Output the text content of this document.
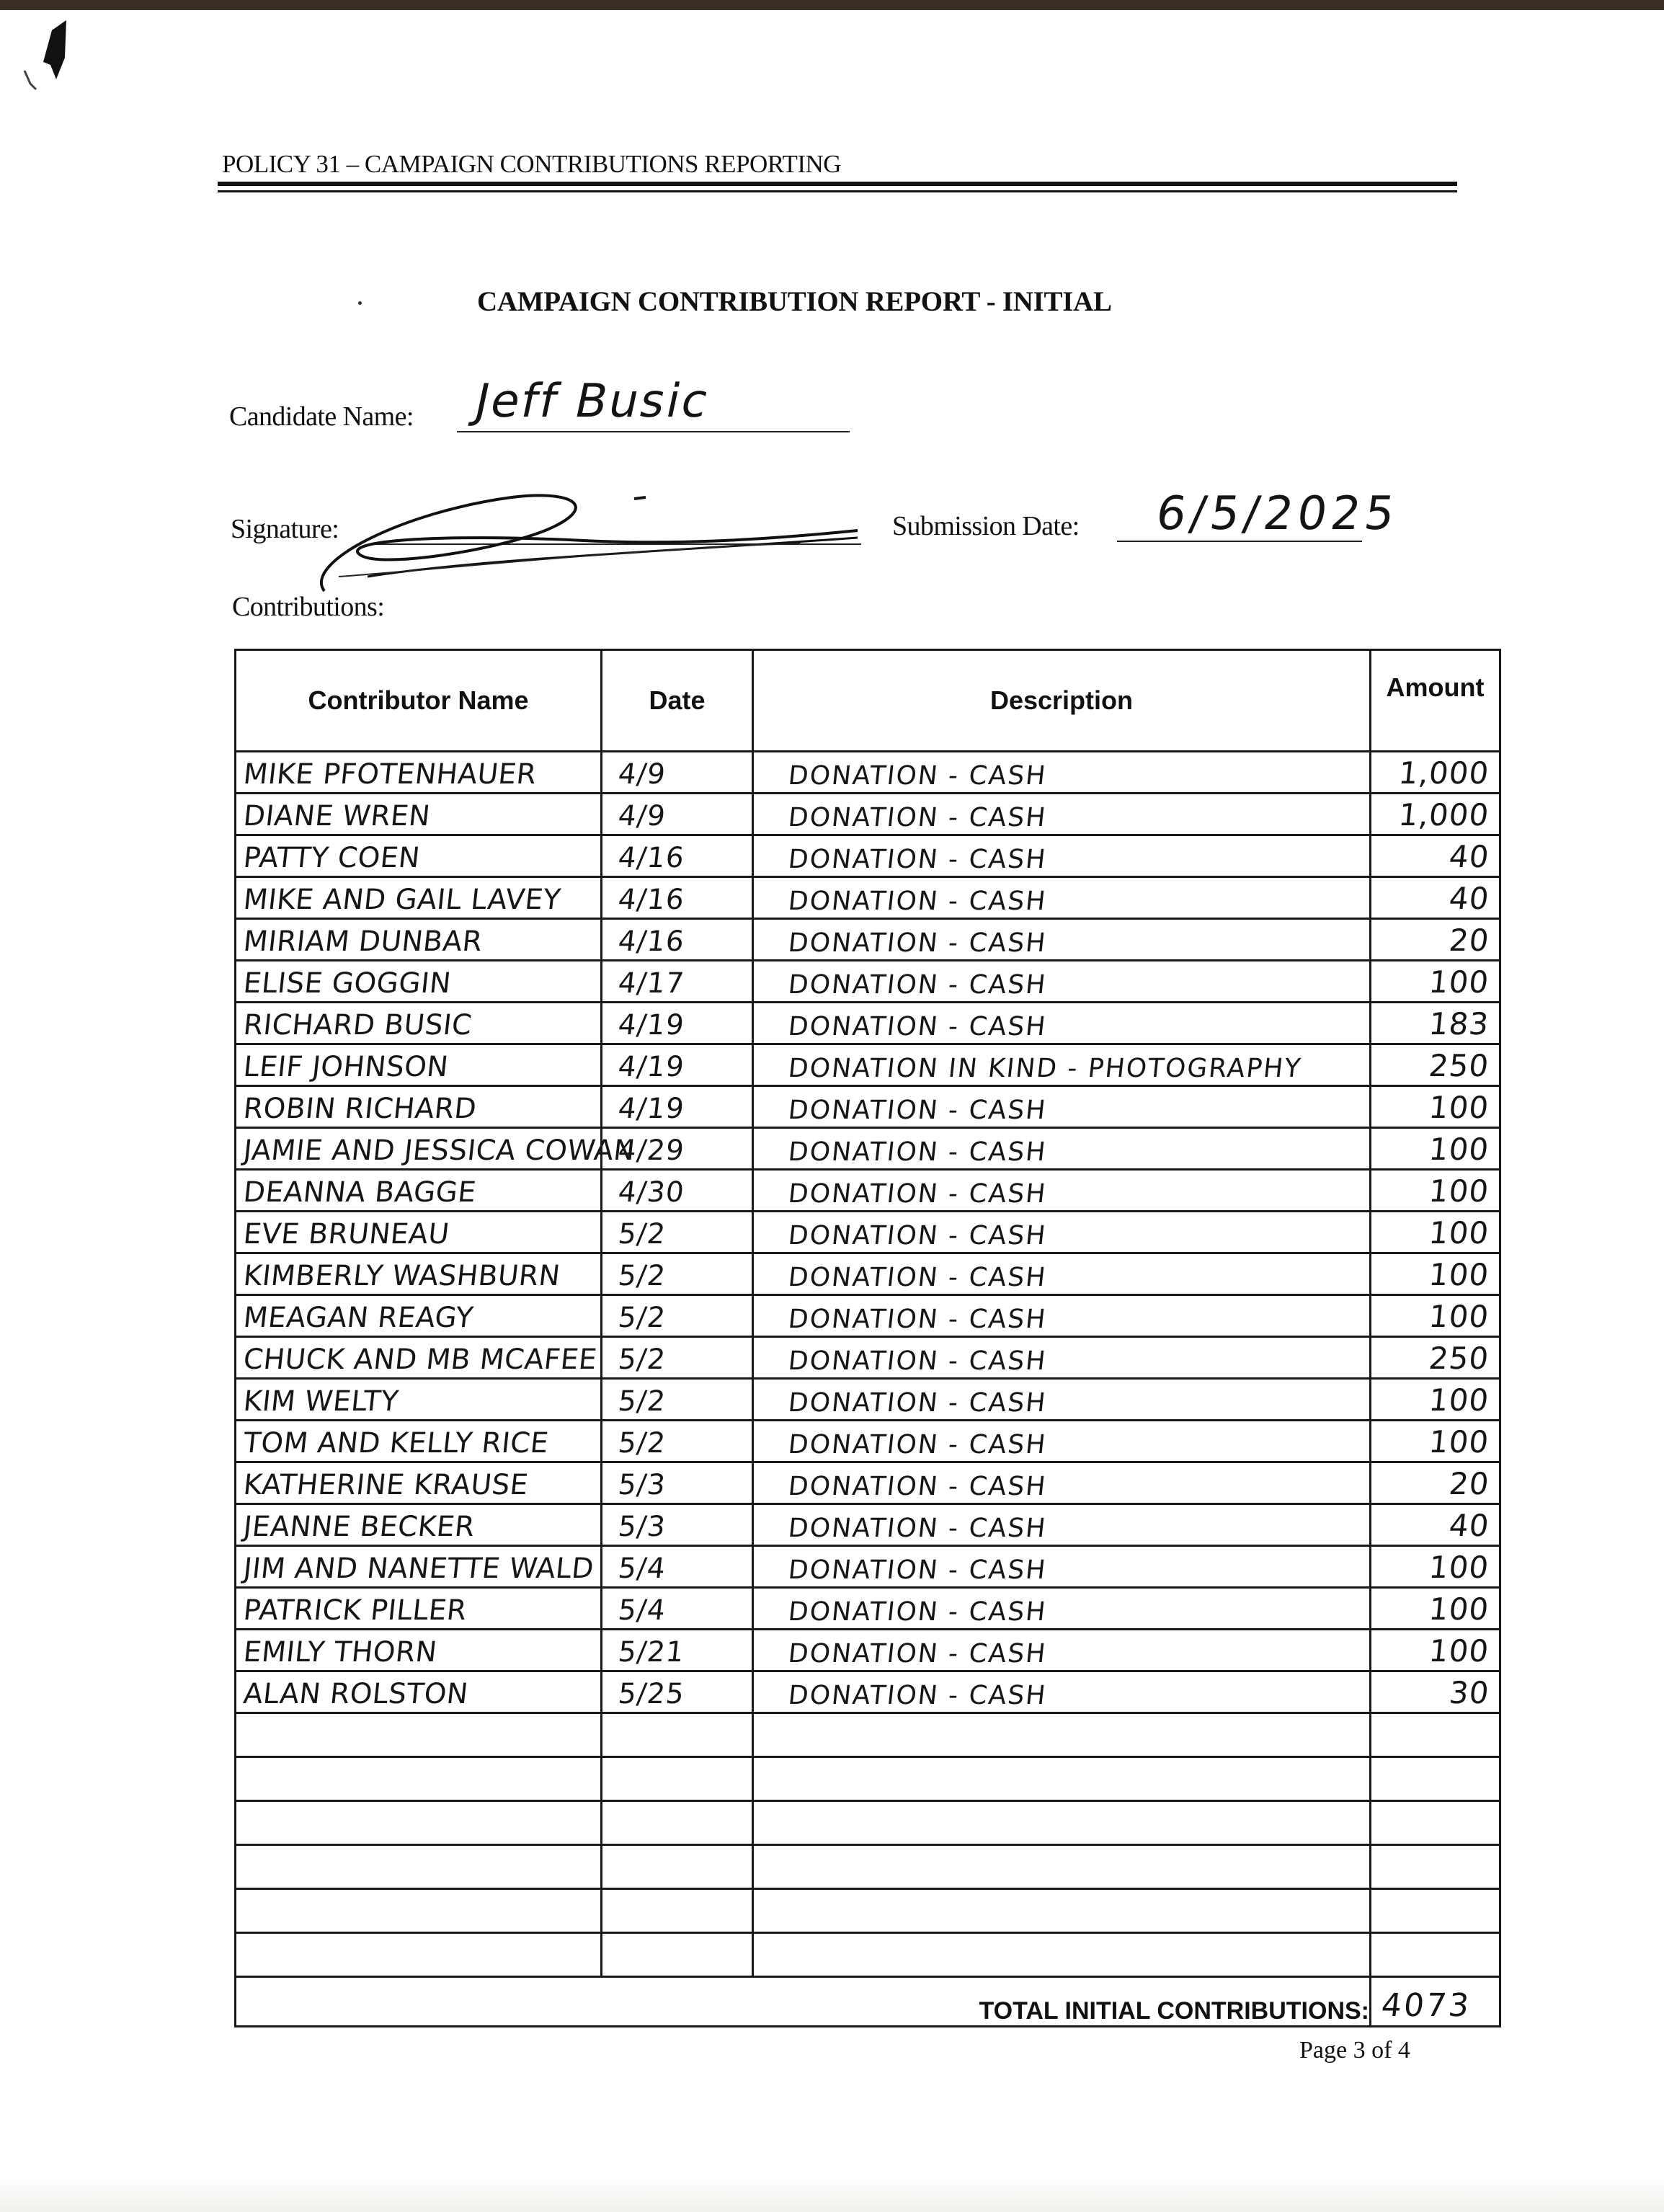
POLICY 31 – CAMPAIGN CONTRIBUTIONS REPORTING
CAMPAIGN CONTRIBUTION REPORT - INITIAL
Candidate Name: Jeff Busic
Signature:	Submission Date: 6/5/2025
Contributions:
Contributor Name	Date	Description	Amount

MIKE PFOTENHAUER	4/9	DONATION - CASH	1,000

DIANE WREN	4/9	DONATION - CASH	1,000

PATTY COEN	4/16	DONATION - CASH	40

MIKE AND GAIL LAVEY	4/16	DONATION - CASH	40

MIRIAM DUNBAR	4/16	DONATION - CASH	20

ELISE GOGGIN	4/17	DONATION - CASH	100

RICHARD BUSIC	4/19	DONATION - CASH	183

LEIF JOHNSON	4/19	DONATION IN KIND - PHOTOGRAPHY	250

ROBIN RICHARD	4/19	DONATION - CASH	100

JAMIE AND JESSICA COWAN	4/29	DONATION - CASH	100

DEANNA BAGGE	4/30	DONATION - CASH	100

EVE BRUNEAU	5/2	DONATION - CASH	100

KIMBERLY WASHBURN	5/2	DONATION - CASH	100

MEAGAN REAGY	5/2	DONATION - CASH	100

CHUCK AND MB MCAFEE	5/2	DONATION - CASH	250

KIM WELTY	5/2	DONATION - CASH	100

TOM AND KELLY RICE	5/2	DONATION - CASH	100

KATHERINE KRAUSE	5/3	DONATION - CASH	20

JEANNE BECKER	5/3	DONATION - CASH	40

JIM AND NANETTE WALD	5/4	DONATION - CASH	100

PATRICK PILLER	5/4	DONATION - CASH	100

EMILY THORN	5/21	DONATION - CASH	100

ALAN ROLSTON	5/25	DONATION - CASH	30

TOTAL INITIAL CONTRIBUTIONS:			4073
Page 3 of 4
